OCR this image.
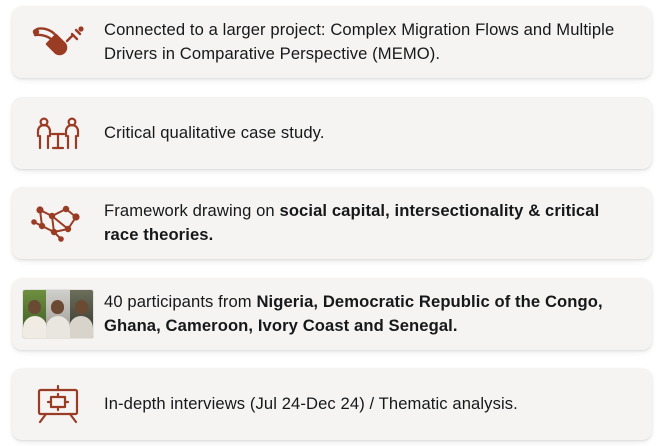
Connected to a larger project: Complex Migration Flows and Multiple Drivers in Comparative Perspective (MEMO).
Critical qualitative case study.
Framework drawing on social capital, intersectionality & critical race theories.
40 participants from Nigeria, Democratic Republic of the Congo, Ghana, Cameroon, Ivory Coast and Senegal.
In-depth interviews (Jul 24-Dec 24) / Thematic analysis.
